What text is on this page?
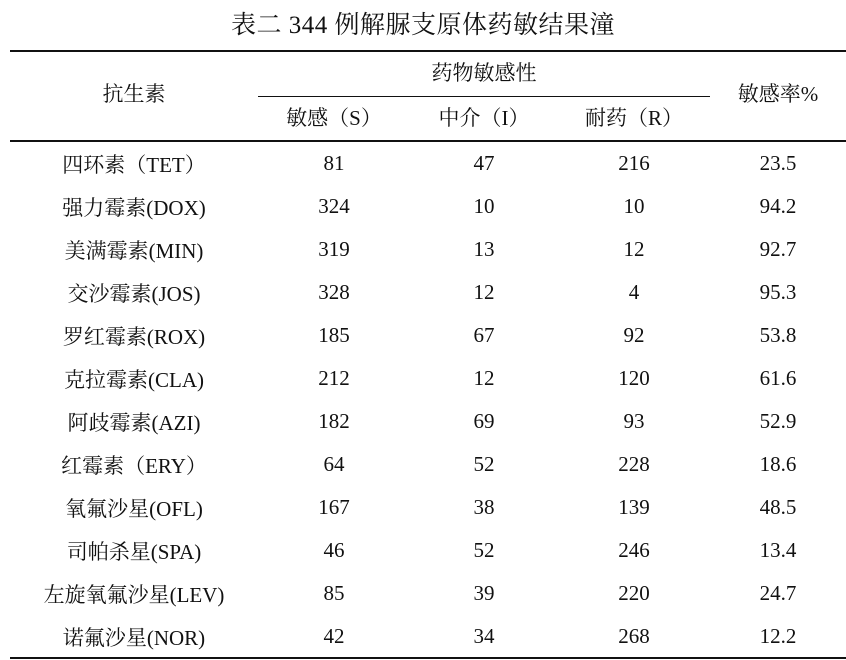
表二 344 例解脲支原体药敏结果潼
抗生素
药物敏感性
敏感（S）	中介（I）	耐药（R）
敏感率%
四环素（TET）	81	47	216	23.5
强力霉素(DOX)	324	10	10	94.2
美满霉素(MIN)	319	13	12	92.7
交沙霉素(JOS)	328	12	4	95.3
罗红霉素(ROX)	185	67	92	53.8
克拉霉素(CLA)	212	12	120	61.6
阿歧霉素(AZI)	182	69	93	52.9
红霉素（ERY）	64	52	228	18.6
氧氟沙星(OFL)	167	38	139	48.5
司帕杀星(SPA)	46	52	246	13.4
左旋氧氟沙星(LEV)	85	39	220	24.7
诺氟沙星(NOR)	42	34	268	12.2
